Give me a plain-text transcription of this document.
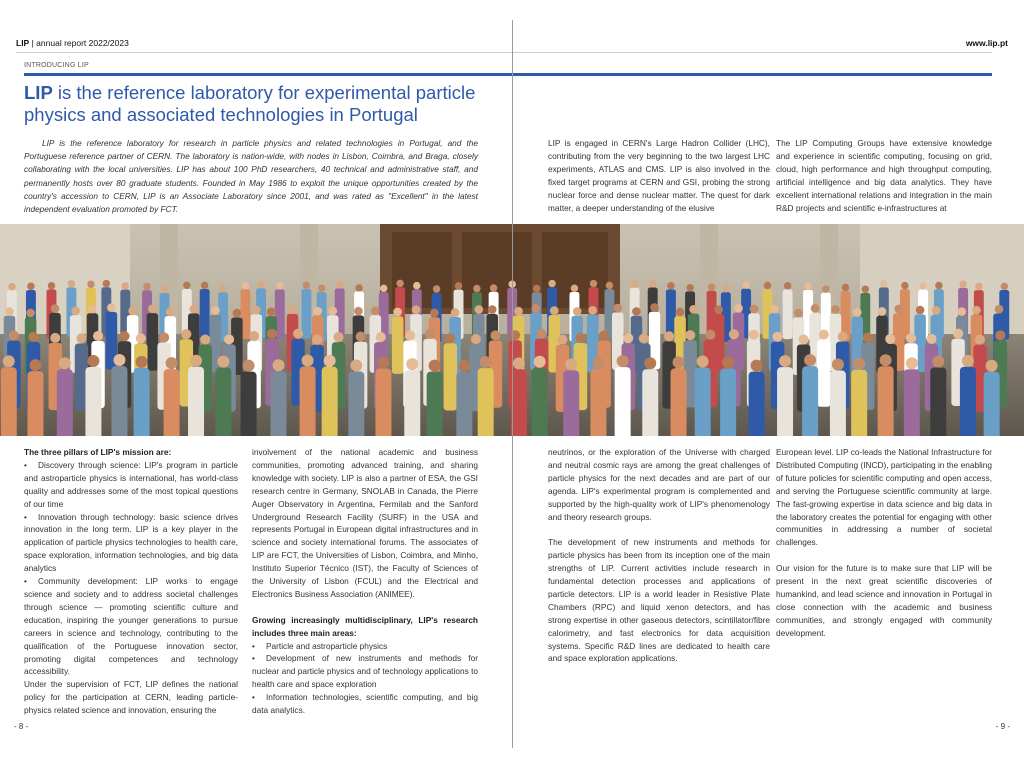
LIP | annual report 2022/2023	www.lip.pt
INTRODUCING LIP
LIP is the reference laboratory for experimental particle physics and associated technologies in Portugal

LIP is the reference laboratory for research in particle physics and related technologies in Portugal, and the Portuguese reference partner of CERN. The laboratory is nation-wide, with nodes in Lisbon, Coimbra, and Braga, closely collaborating with the local universities. LIP has about 100 PhD researchers, 40 technical and administrative staff, and permanently hosts over 80 graduate students. Founded in May 1986 to exploit the unique opportunities created by the country's accession to CERN, LIP is an Associate Laboratory since 2001, and was rated as "Excellent" in the latest independent evaluation promoted by FCT.

LIP is engaged in CERN's Large Hadron Collider (LHC), contributing from the very beginning to the two largest LHC experiments, ATLAS and CMS. LIP is also involved in the fixed target programs at CERN and GSI, probing the strong nuclear force and dense nuclear matter. The quest for dark matter, a deeper understanding of the elusive

The LIP Computing Groups have extensive knowledge and experience in scientific computing, focusing on grid, cloud, high performance and high throughput computing, artificial intelligence and big data analytics. They have excellent international relations and integration in the main R&D projects and scientific e-infrastructures at

The three pillars of LIP's mission are:

• Discovery through science: LIP's program in particle and astroparticle physics is international, has world-class quality and addresses some of the most topical questions of our time

• Innovation through technology: basic science drives innovation in the long term. LIP is a key player in the application of particle physics technologies to health care, space exploration, information technologies, and big data analytics

• Community development: LIP works to engage science and society and to address societal challenges through science — promoting scientific culture and education, inspiring the younger generations to pursue careers in science and technology, contributing to the qualification of the Portuguese innovation sector, promoting digital competences and technology accessibility.

Under the supervision of FCT, LIP defines the national policy for the participation at CERN, leading particle-physics related science and innovation, ensuring the

involvement of the national academic and business communities, promoting advanced training, and sharing knowledge with society. LIP is also a partner of ESA, the GSI research centre in Germany, SNOLAB in Canada, the Pierre Auger Observatory in Argentina, Fermilab and the Sanford Underground Research Facility (SURF) in the USA and represents Portugal in European digital infrastructures and in science and society international forums. The associates of LIP are FCT, the Universities of Lisbon, Coimbra, and Minho, Instituto Superior Técnico (IST), the Faculty of Sciences of the University of Lisbon (FCUL) and the Electrical and Electronics Business Association (ANIMEE).

Growing increasingly multidisciplinary, LIP's research includes three main areas:

• Particle and astroparticle physics

• Development of new instruments and methods for nuclear and particle physics and of technology applications to health care and space exploration

• Information technologies, scientific computing, and big data analytics.

neutrinos, or the exploration of the Universe with charged and neutral cosmic rays are among the great challenges of particle physics for the next decades and are part of our agenda. LIP's experimental program is complemented and supported by the high-quality work of LIP's phenomenology and theory research groups.

The development of new instruments and methods for particle physics has been from its inception one of the main strengths of LIP. Current activities include research in fundamental detection processes and applications of particle detectors. LIP is a world leader in Resistive Plate Chambers (RPC) and liquid xenon detectors, and has strong expertise in other gaseous detectors, scintillator/fibre calorimetry, and fast electronics for data acquisition systems. Specific R&D lines are dedicated to health care and space exploration applications.

European level. LIP co-leads the National Infrastructure for Distributed Computing (INCD), participating in the enabling of future policies for scientific computing and open access, and serving the Portuguese scientific community at large. The fast-growing expertise in data science and big data in the laboratory creates the potential for engaging with other communities in addressing a number of societal challenges.

Our vision for the future is to make sure that LIP will be present in the next great scientific discoveries of humankind, and lead science and innovation in Portugal in close connection with the academic and business communities, and strongly engaged with community development.

- 8 -	- 9 -
